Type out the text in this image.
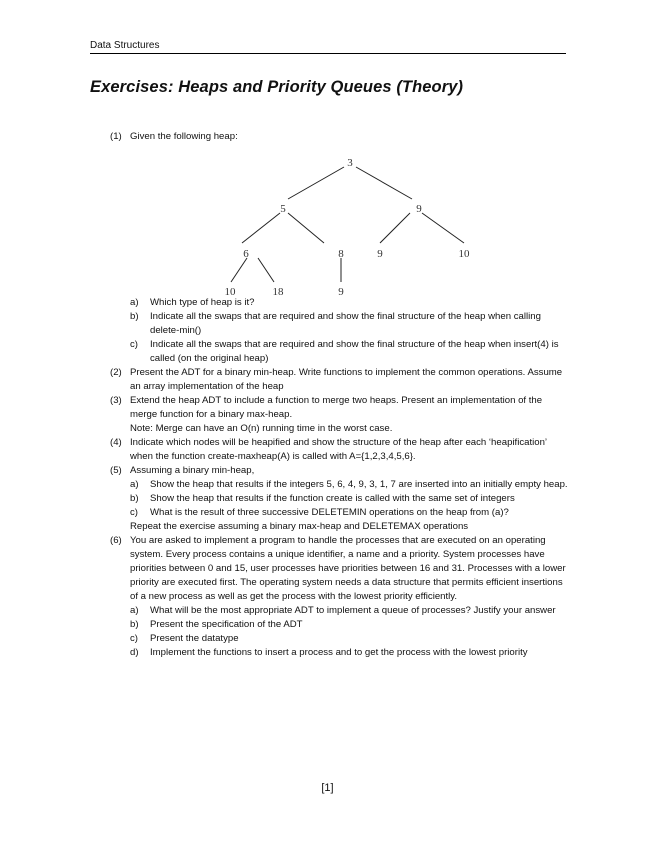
Data Structures
Exercises: Heaps and Priority Queues (Theory)
(1) Given the following heap:
3
5	9
6	8	9	10
10	18	9
a) Which type of heap is it?
b) Indicate all the swaps that are required and show the final structure of the heap when calling delete-min()
c) Indicate all the swaps that are required and show the final structure of the heap when insert(4) is called (on the original heap)
(2) Present the ADT for a binary min-heap. Write functions to implement the common operations. Assume an array implementation of the heap
(3) Extend the heap ADT to include a function to merge two heaps. Present an implementation of the merge function for a binary max-heap.
Note: Merge can have an O(n) running time in the worst case.
(4) Indicate which nodes will be heapified and show the structure of the heap after each ‘heapification’ when the function create-maxheap(A) is called with A={1,2,3,4,5,6}.
(5) Assuming a binary min-heap,
a) Show the heap that results if the integers 5, 6, 4, 9, 3, 1, 7 are inserted into an initially empty heap.
b) Show the heap that results if the function create is called with the same set of integers
c) What is the result of three successive DELETEMIN operations on the heap from (a)?
Repeat the exercise assuming a binary max-heap and DELETEMAX operations
(6) You are asked to implement a program to handle the processes that are executed on an operating system. Every process contains a unique identifier, a name and a priority. System processes have priorities between 0 and 15, user processes have priorities between 16 and 31. Processes with a lower priority are executed first. The operating system needs a data structure that permits efficient insertions of a new process as well as get the process with the lowest priority efficiently.
a) What will be the most appropriate ADT to implement a queue of processes? Justify your answer
b) Present the specification of the ADT
c) Present the datatype
d) Implement the functions to insert a process and to get the process with the lowest priority
[1]
